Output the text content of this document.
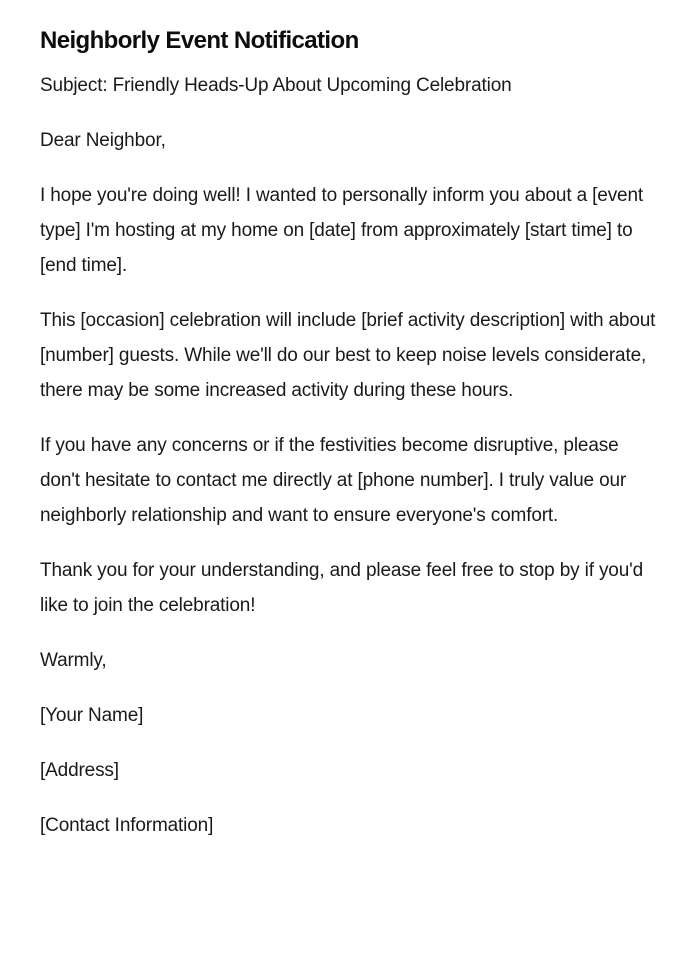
Neighborly Event Notification

Subject: Friendly Heads-Up About Upcoming Celebration

Dear Neighbor,

I hope you're doing well! I wanted to personally inform you about a [event type] I'm hosting at my home on [date] from approximately [start time] to [end time].

This [occasion] celebration will include [brief activity description] with about [number] guests. While we'll do our best to keep noise levels considerate, there may be some increased activity during these hours.

If you have any concerns or if the festivities become disruptive, please don't hesitate to contact me directly at [phone number]. I truly value our neighborly relationship and want to ensure everyone's comfort.

Thank you for your understanding, and please feel free to stop by if you'd like to join the celebration!

Warmly,

[Your Name]

[Address]

[Contact Information]
